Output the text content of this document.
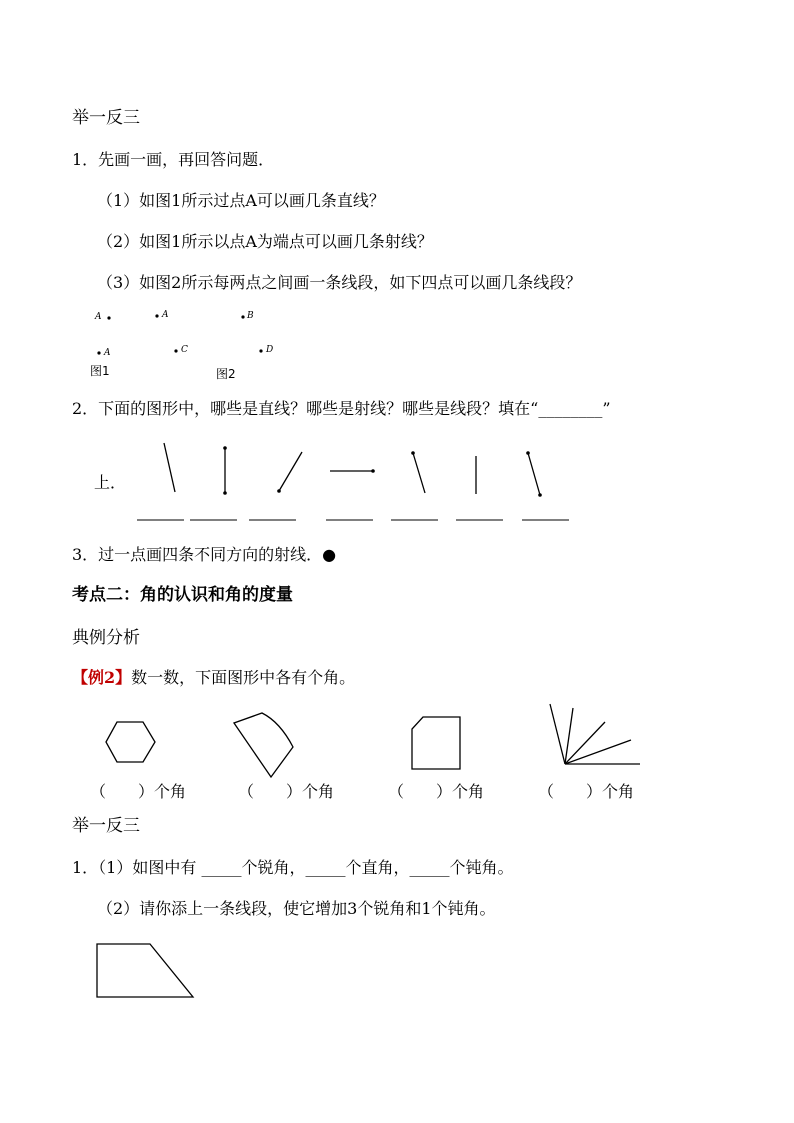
举一反三
1．先画一画，再回答问题．
（1）如图1所示过点A可以画几条直线？
（2）如图1所示以点A为端点可以画几条射线？
（3）如图2所示每两点之间画一条线段，如下四点可以画几条线段？
A
A
A	B
C	D
图1	图2
2．下面的图形中，哪些是直线？哪些是射线？哪些是线段？填在“________”
上．
3．过一点画四条不同方向的射线．●
考点二：角的认识和角的度量
典例分析
【例2】数一数，下面图形中各有个角。
（　　）个角	（　　）个角	（　　）个角	（　　）个角
举一反三
1．（1）如图中有 _____个锐角，_____个直角，_____个钝角。
（2）请你添上一条线段，使它增加3个锐角和1个钝角。
